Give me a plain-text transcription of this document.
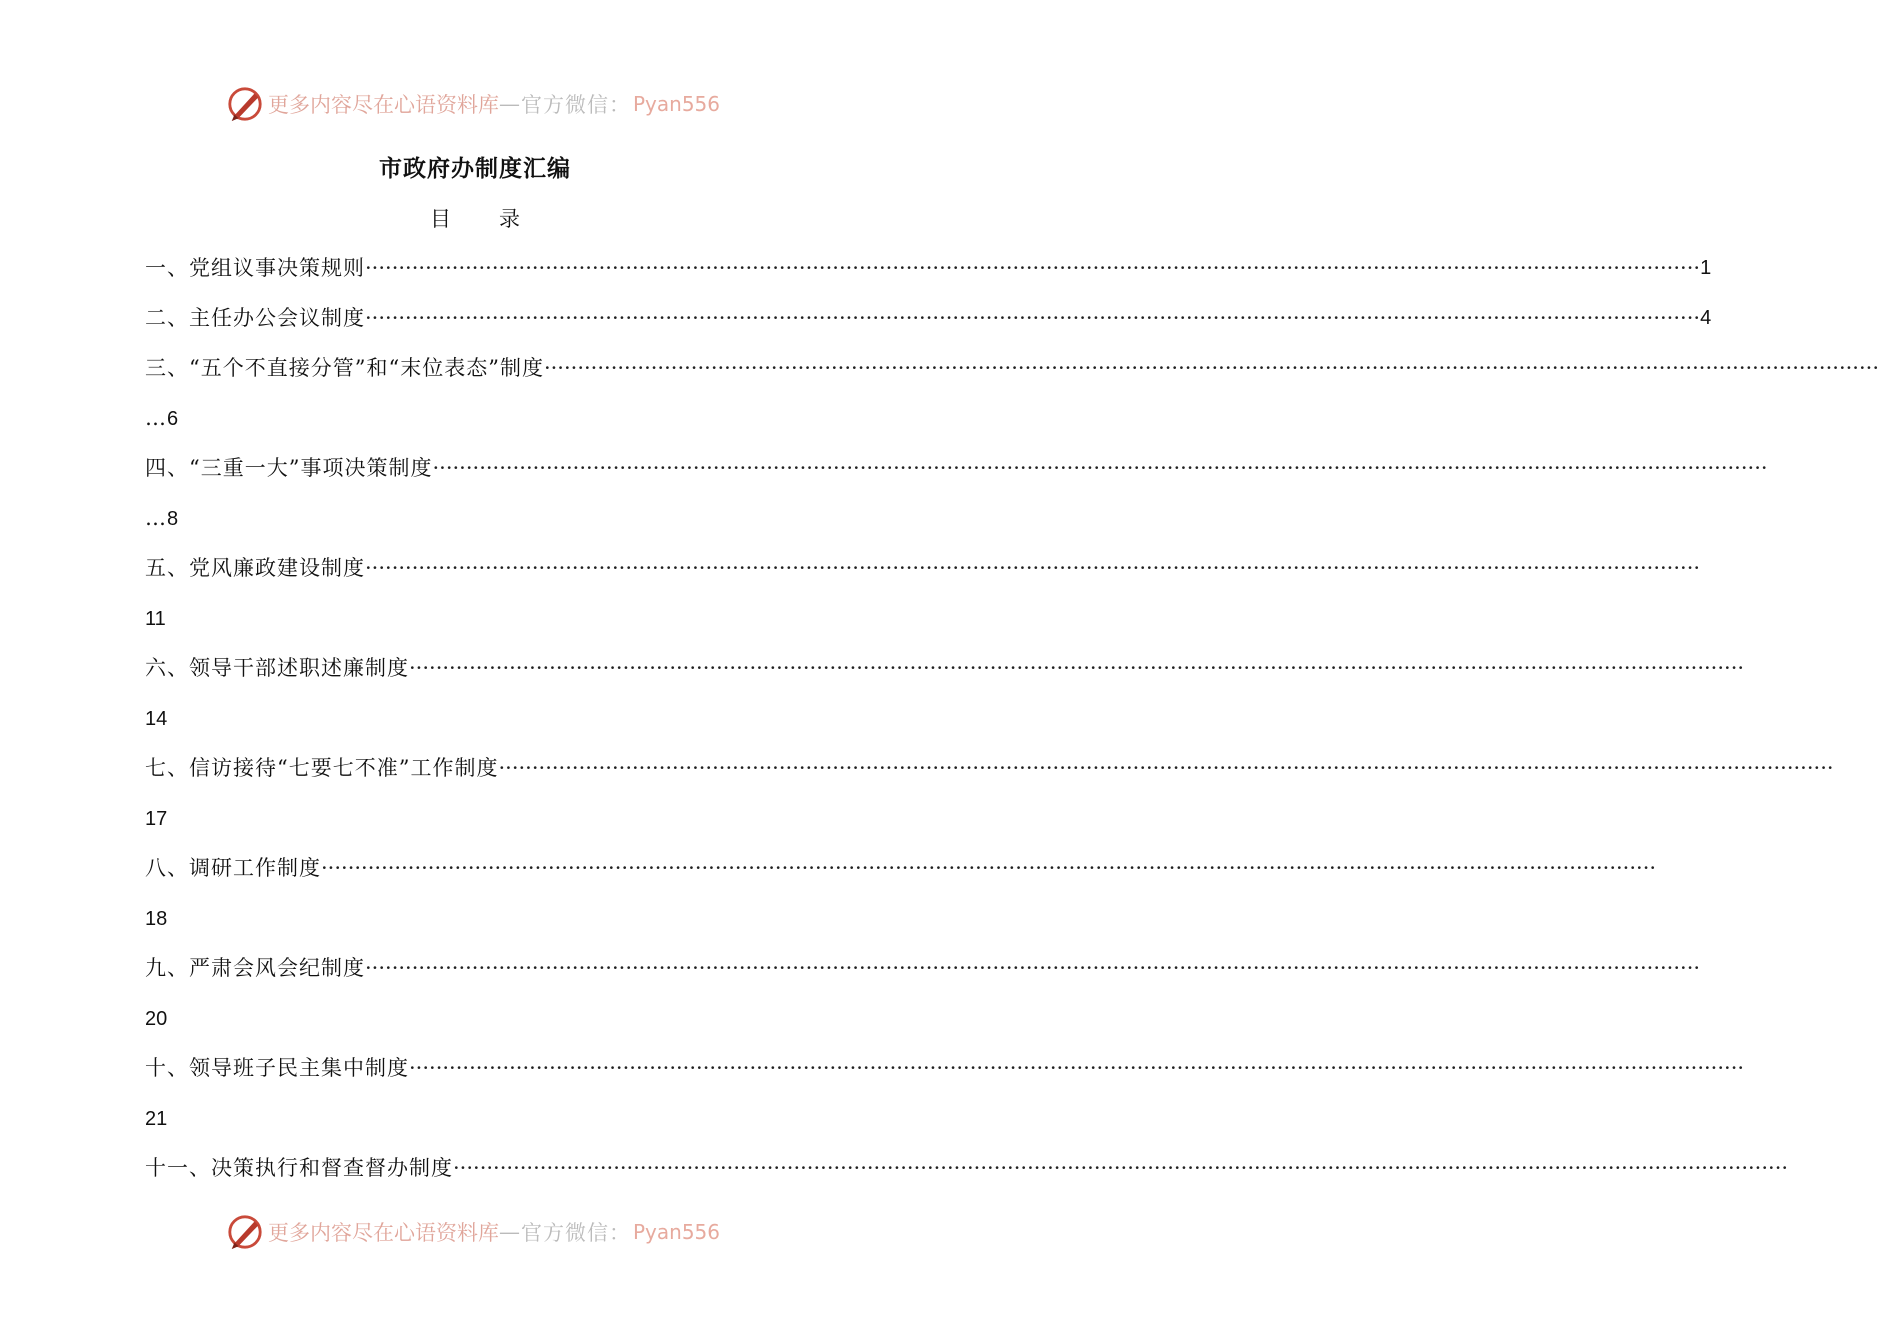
更多内容尽在心语资料库 — 官方微信： Pyan556
市政府办制度汇编
目 录
一、党组议事决策规则 ········································································································································································································ 1
二、主任办公会议制度 ········································································································································································································ 4
三、“五个不直接分管”和“末位表态”制度 ········································································································································································································
…6
四、“三重一大”事项决策制度 ········································································································································································································
…8
五、党风廉政建设制度 ········································································································································································································
11
六、领导干部述职述廉制度 ········································································································································································································
14
七、信访接待“七要七不准”工作制度 ········································································································································································································
17
八、调研工作制度 ········································································································································································································
18
九、严肃会风会纪制度 ········································································································································································································
20
十、领导班子民主集中制度 ········································································································································································································
21
十一、决策执行和督查督办制度 ········································································································································································································
更多内容尽在心语资料库 — 官方微信： Pyan556
